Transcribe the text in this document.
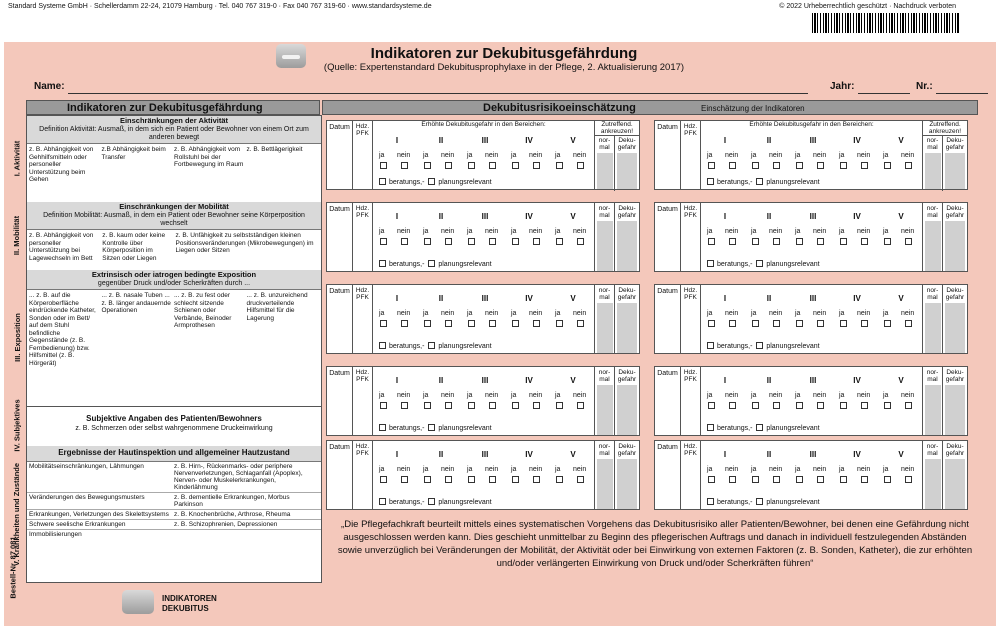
Standard Systeme GmbH · Schellerdamm 22-24, 21079 Hamburg · Tel. 040 767 319-0 · Fax 040 767 319-60 · www.standardsysteme.de	© 2022 Urheberrechtlich geschützt · Nachdruck verboten
Indikatoren zur Dekubitusgefährdung
(Quelle: Expertenstandard Dekubitusprophylaxe in der Pflege, 2. Aktualisierung 2017)
Name:	Jahr:	Nr.:
Indikatoren zur Dekubitusgefährdung	Dekubitusrisikoeinschätzung	Einschätzung der Indikatoren
Einschränkungen der Aktivität
Definition Aktivität: Ausmaß, in dem sich ein Patient oder Bewohner von einem Ort zum anderen bewegt
z. B. Abhängigkeit von Gehhilfsmitteln oder personeller Unterstützung beim Gehen
z.B Abhängigkeit beim Transfer
z. B. Abhängigkeit vom Rollstuhl bei der Fortbewegung im Raum
z. B. Bettlägerigkeit
Einschränkungen der Mobilität
Definition Mobilität: Ausmaß, in dem ein Patient oder Bewohner seine Körperposition wechselt
z. B. Abhängigkeit von personeller Unterstützung bei Lagewechseln im Bett
z. B. kaum oder keine Kontrolle über Körperposition im Sitzen oder Liegen
z. B. Unfähigkeit zu selbstständigen kleinen Positionsveränderungen (Mikrobewegungen) im Liegen oder Sitzen
Extrinsisch oder iatrogen bedingte Exposition
gegenüber Druck und/oder Scherkräften durch ...
... z. B. auf die Körperoberfläche eindrückende Katheter, Sonden oder im Bett/ auf dem Stuhl befindliche Gegenstände (z. B. Fernbedienung) bzw. Hilfsmittel (z. B. Hörgerät)
... z. B. nasale Tuben ... z. B. länger andauernde Operationen
... z. B. zu fest oder schlecht sitzende Schienen oder Verbände, Beinoder Armprothesen
... z. B. unzureichend druckverteilende Hilfsmittel für die Lagerung
Subjektive Angaben des Patienten/Bewohners
z. B. Schmerzen oder selbst wahrgenommene Druckeinwirkung
Ergebnisse der Hautinspektion und allgemeiner Hautzustand
Mobilitätseinschränkungen, Lähmungen	z. B. Hirn-, Rückenmarks- oder periphere Nervenverletzungen, Schlaganfall (Apoplex), Nerven- oder Muskelerkrankungen, Kinderlähmung
Veränderungen des Bewegungsmusters	z. B. dementielle Erkrankungen, Morbus Parkinson
Erkrankungen, Verletzungen des Skelettsystems z. B. Knochenbrüche, Arthrose, Rheuma
Schwere seelische Erkrankungen	z. B. Schizophrenien, Depressionen
Immobilisierungen
I. Aktivität
II. Mobilität
III. Exposition
IV. Subjektives
V. Krankheiten und Zustände
Datum Hdz. PFK
Erhöhte Dekubitusgefahr in den Bereichen:
I
ja nein
II
ja nein
III
ja nein
IV
ja nein
V
ja nein
beratungs,- planungsrelevant
Zutreffend. ankreuzen!
nor-mal
Deku-gefahr
Datum Hdz. PFK
Erhöhte Dekubitusgefahr in den Bereichen:
I
ja nein
II
ja nein
III
ja nein
IV
ja nein
V
ja nein
beratungs,- planungsrelevant
Zutreffend. ankreuzen!
nor-mal
Deku-gefahr
Datum Hdz. PFK	I
ja nein
II
ja nein
III
ja nein
IV
ja nein
V
ja nein
beratungs,- planungsrelevant
nor-mal
Deku-gefahr
Datum Hdz. PFK	I
ja nein
II
ja nein
III
ja nein
IV
ja nein
V
ja nein
beratungs,- planungsrelevant
nor-mal
Deku-gefahr
Datum Hdz. PFK	I
ja nein
II
ja nein
III
ja nein
IV
ja nein
V
ja nein
beratungs,- planungsrelevant
nor-mal
Deku-gefahr
Datum Hdz. PFK	I
ja nein
II
ja nein
III
ja nein
IV
ja nein
V
ja nein
beratungs,- planungsrelevant
nor-mal
Deku-gefahr
Datum Hdz. PFK	I
ja nein
II
ja nein
III
ja nein
IV
ja nein
V
ja nein
beratungs,- planungsrelevant
nor-mal
Deku-gefahr
Datum Hdz. PFK	I
ja nein
II
ja nein
III
ja nein
IV
ja nein
V
ja nein
beratungs,- planungsrelevant
nor-mal
Deku-gefahr
Datum Hdz. PFK	I
ja nein
II
ja nein
III
ja nein
IV
ja nein
V
ja nein
beratungs,- planungsrelevant
nor-mal
Deku-gefahr
Datum Hdz. PFK	I
ja nein
II
ja nein
III
ja nein
IV
ja nein
V
ja nein
beratungs,- planungsrelevant
nor-mal
Deku-gefahr
„Die Pflegefachkraft beurteilt mittels eines systematischen Vorgehens das Dekubitusrisiko aller Patienten/Bewohner, bei denen eine Gefährdung nicht ausgeschlossen werden kann. Dies geschieht unmittelbar zu Beginn des pflegerischen Auftrags und danach in individuell festzulegenden Abständen sowie unverzüglich bei Veränderungen der Mobilität, der Aktivität oder bei Einwirkung von externen Faktoren (z. B. Sonden, Katheter), die zur erhöhten und/oder verlängerten Einwirkung von Druck und/oder Scherkräften führen“
INDIKATOREN DEKUBITUS
Bestell-Nr. 87 081
